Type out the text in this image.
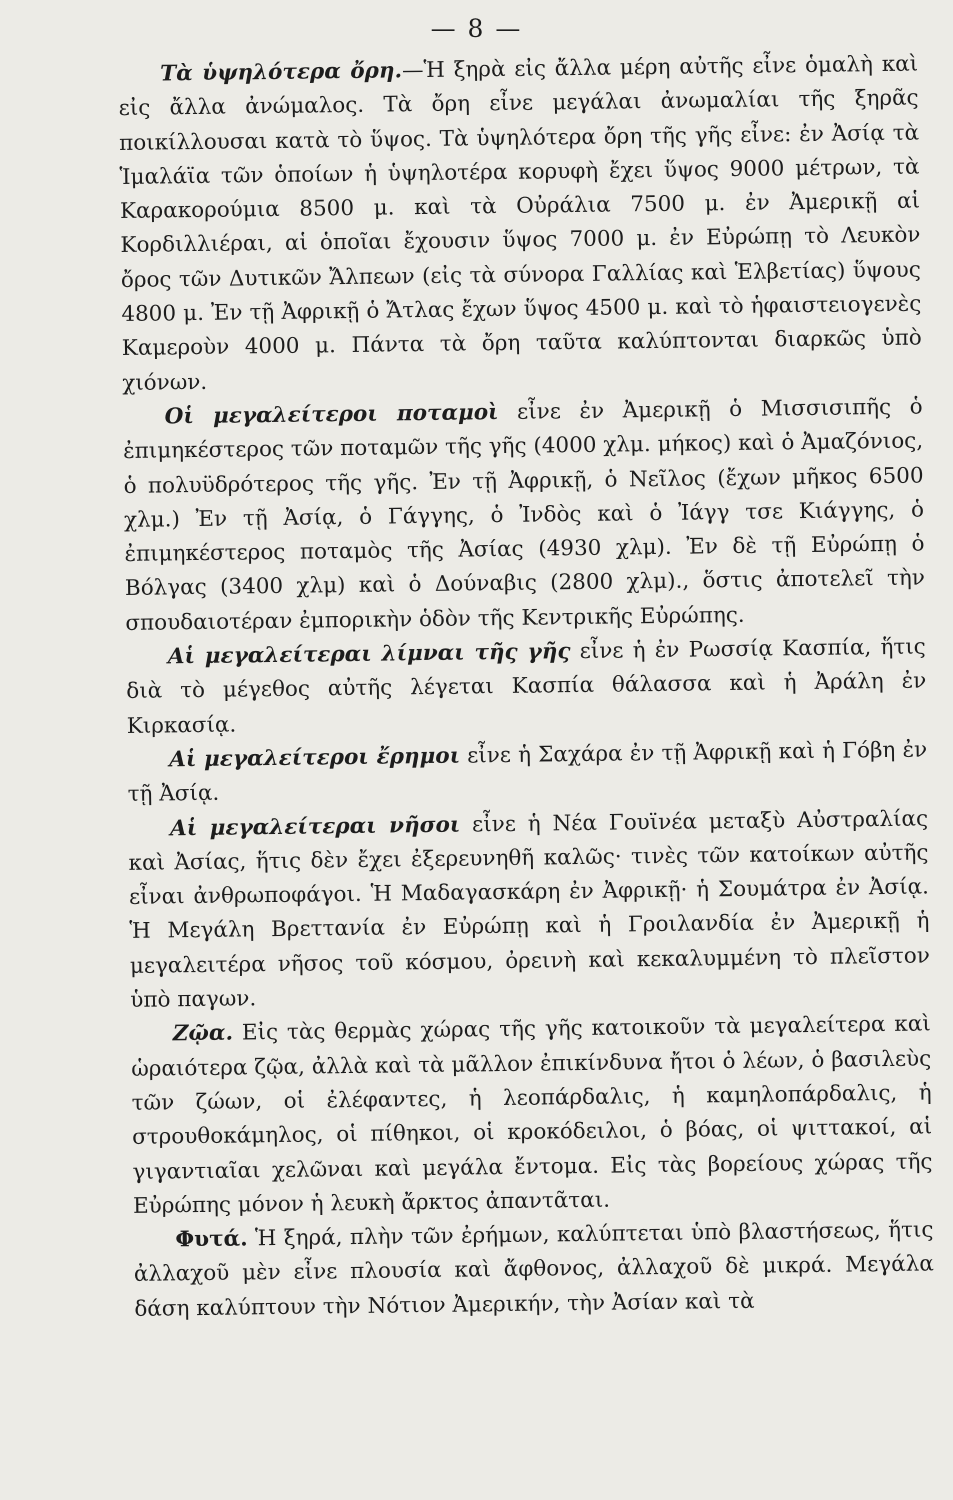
— 8 —

Τὰ ὑψηλότερα ὄρη.—Ἡ ξηρὰ εἰς ἄλλα μέρη αὐτῆς εἶνε ὁμαλὴ καὶ εἰς ἄλλα ἀνώμαλος. Τὰ ὄρη εἶνε μεγάλαι ἀνωμαλίαι τῆς ξηρᾶς ποικίλλουσαι κατὰ τὸ ὕψος. Τὰ ὑψηλότερα ὄρη τῆς γῆς εἶνε: ἐν Ἀσίᾳ τὰ Ἱμαλάϊα τῶν ὁποίων ἡ ὑψηλοτέρα κορυφὴ ἔχει ὕψος 9000 μέτρων, τὰ Καρακορούμια 8500 μ. καὶ τὰ Οὐράλια 7500 μ. ἐν Ἀμερικῇ αἱ Κορδιλλιέραι, αἱ ὁποῖαι ἔχουσιν ὕψος 7000 μ. ἐν Εὐρώπῃ τὸ Λευκὸν ὄρος τῶν Δυτικῶν Ἄλπεων (εἰς τὰ σύνορα Γαλλίας καὶ Ἑλβετίας) ὕψους 4800 μ. Ἐν τῇ Ἀφρικῇ ὁ Ἄτλας ἔχων ὕψος 4500 μ. καὶ τὸ ἡφαιστειογενὲς Καμεροὺν 4000 μ. Πάντα τὰ ὄρη ταῦτα καλύπτονται διαρκῶς ὑπὸ χιόνων.

Οἱ μεγαλείτεροι ποταμοὶ εἶνε ἐν Ἀμερικῇ ὁ Μισσισιπῆς ὁ ἐπιμηκέστερος τῶν ποταμῶν τῆς γῆς (4000 χλμ. μήκος) καὶ ὁ Ἀμαζόνιος, ὁ πολυϋδρότερος τῆς γῆς. Ἐν τῇ Ἀφρικῇ, ὁ Νεῖλος (ἔχων μῆκος 6500 χλμ.) Ἐν τῇ Ἀσίᾳ, ὁ Γάγγης, ὁ Ἰνδὸς καὶ ὁ Ἰάγγ τσε Κιάγγης, ὁ ἐπιμηκέστερος ποταμὸς τῆς Ἀσίας (4930 χλμ). Ἐν δὲ τῇ Εὐρώπῃ ὁ Βόλγας (3400 χλμ) καὶ ὁ Δούναβις (2800 χλμ)., ὅστις ἀποτελεῖ τὴν σπουδαιοτέραν ἐμπορικὴν ὁδὸν τῆς Κεντρικῆς Εὐρώπης.

Αἱ μεγαλείτεραι λίμναι τῆς γῆς εἶνε ἡ ἐν Ρωσσίᾳ Κασπία, ἥτις διὰ τὸ μέγεθος αὐτῆς λέγεται Κασπία θάλασσα καὶ ἡ Ἀράλη ἐν Κιρκασίᾳ.

Αἱ μεγαλείτεροι ἔρημοι εἶνε ἡ Σαχάρα ἐν τῇ Ἀφρικῇ καὶ ἡ Γόβη ἐν τῇ Ἀσίᾳ.

Αἱ μεγαλείτεραι νῆσοι εἶνε ἡ Νέα Γουϊνέα μεταξὺ Αὐστραλίας καὶ Ἀσίας, ἥτις δὲν ἔχει ἐξερευνηθῆ καλῶς· τινὲς τῶν κατοίκων αὐτῆς εἶναι ἀνθρωποφάγοι. Ἡ Μαδαγασκάρη ἐν Ἀφρικῇ· ἡ Σουμάτρα ἐν Ἀσίᾳ. Ἡ Μεγάλη Βρεττανία ἐν Εὐρώπῃ καὶ ἡ Γροιλανδία ἐν Ἀμερικῇ ἡ μεγαλειτέρα νῆσος τοῦ κόσμου, ὀρεινὴ καὶ κεκαλυμμένη τὸ πλεῖστον ὑπὸ παγων.

Ζῷα. Εἰς τὰς θερμὰς χώρας τῆς γῆς κατοικοῦν τὰ μεγαλείτερα καὶ ὡραιότερα ζῷα, ἀλλὰ καὶ τὰ μᾶλλον ἐπικίνδυνα ἤτοι ὁ λέων, ὁ βασιλεὺς τῶν ζώων, οἱ ἐλέφαντες, ἡ λεοπάρδαλις, ἡ καμηλοπάρδαλις, ἡ στρουθοκάμηλος, οἱ πίθηκοι, οἱ κροκόδειλοι, ὁ βόας, οἱ ψιττακοί, αἱ γιγαντιαῖαι χελῶναι καὶ μεγάλα ἔντομα. Εἰς τὰς βορείους χώρας τῆς Εὐρώπης μόνον ἡ λευκὴ ἄρκτος ἀπαντᾶται.

Φυτά. Ἡ ξηρά, πλὴν τῶν ἐρήμων, καλύπτεται ὑπὸ βλαστήσεως, ἥτις ἀλλαχοῦ μὲν εἶνε πλουσία καὶ ἄφθονος, ἀλλαχοῦ δὲ μικρά. Μεγάλα δάση καλύπτουν τὴν Νότιον Ἀμερικήν, τὴν Ἀσίαν καὶ τὰ
